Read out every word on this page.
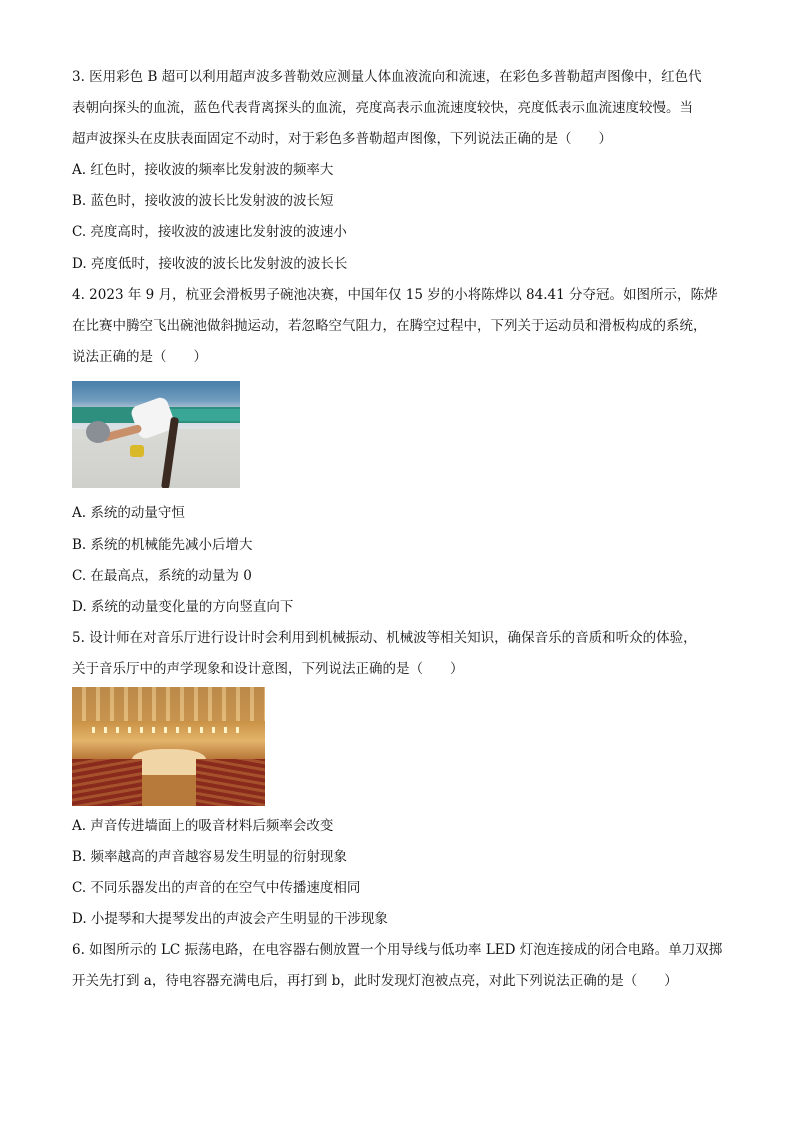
3. 医用彩色 B 超可以利用超声波多普勒效应测量人体血液流向和流速，在彩色多普勒超声图像中，红色代
表朝向探头的血流，蓝色代表背离探头的血流，亮度高表示血流速度较快，亮度低表示血流速度较慢。当
超声波探头在皮肤表面固定不动时，对于彩色多普勒超声图像，下列说法正确的是（　　）
A. 红色时，接收波的频率比发射波的频率大
B. 蓝色时，接收波的波长比发射波的波长短
C. 亮度高时，接收波的波速比发射波的波速小
D. 亮度低时，接收波的波长比发射波的波长长
4. 2023 年 9 月，杭亚会滑板男子碗池决赛，中国年仅 15 岁的小将陈烨以 84.41 分夺冠。如图所示，陈烨
在比赛中腾空飞出碗池做斜抛运动，若忽略空气阻力，在腾空过程中，下列关于运动员和滑板构成的系统，
说法正确的是（　　）
A. 系统的动量守恒
B. 系统的机械能先减小后增大
C. 在最高点，系统的动量为 0
D. 系统的动量变化量的方向竖直向下
5. 设计师在对音乐厅进行设计时会利用到机械振动、机械波等相关知识，确保音乐的音质和听众的体验，
关于音乐厅中的声学现象和设计意图，下列说法正确的是（　　）
A. 声音传进墙面上的吸音材料后频率会改变
B. 频率越高的声音越容易发生明显的衍射现象
C. 不同乐器发出的声音的在空气中传播速度相同
D. 小提琴和大提琴发出的声波会产生明显的干涉现象
6. 如图所示的 LC 振荡电路，在电容器右侧放置一个用导线与低功率 LED 灯泡连接成的闭合电路。单刀双掷
开关先打到 a，待电容器充满电后，再打到 b，此时发现灯泡被点亮，对此下列说法正确的是（　　）
